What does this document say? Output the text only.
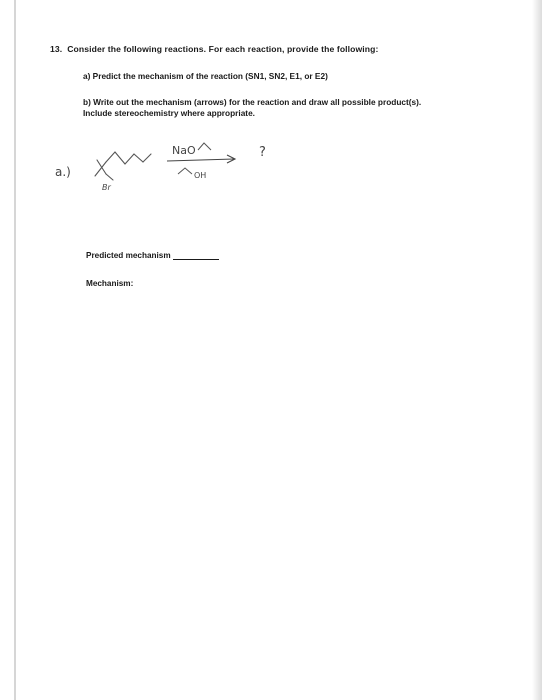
13. Consider the following reactions. For each reaction, provide the following:
a) Predict the mechanism of the reaction (SN1, SN2, E1, or E2)
b) Write out the mechanism (arrows) for the reaction and draw all possible product(s).
Include stereochemistry where appropriate.
a.)
Br
NaO
OH
?
Predicted mechanism
Mechanism:
